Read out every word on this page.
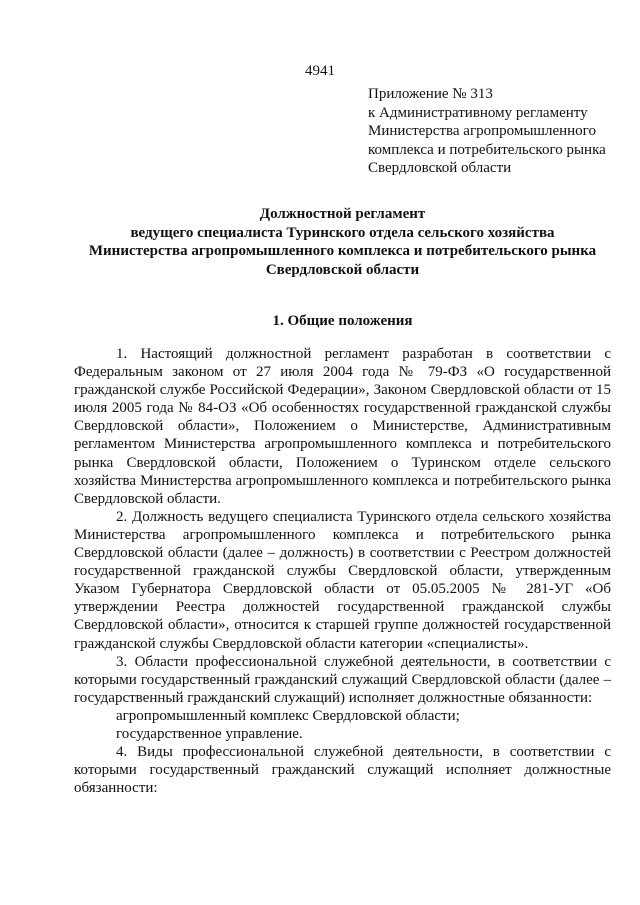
4941
Приложение № 313
к Административному регламенту
Министерства агропромышленного
комплекса и потребительского рынка
Свердловской области
Должностной регламент
ведущего специалиста Туринского отдела сельского хозяйства
Министерства агропромышленного комплекса и потребительского рынка
Свердловской области
1. Общие положения

1. Настоящий должностной регламент разработан в соответствии с Федеральным законом от 27 июля 2004 года № 79-ФЗ «О государственной гражданской службе Российской Федерации», Законом Свердловской области от 15 июля 2005 года № 84-ОЗ «Об особенностях государственной гражданской службы Свердловской области», Положением о Министерстве, Административным регламентом Министерства агропромышленного комплекса и потребительского рынка Свердловской области, Положением о Туринском отделе сельского хозяйства Министерства агропромышленного комплекса и потребительского рынка Свердловской области.

2. Должность ведущего специалиста Туринского отдела сельского хозяйства Министерства агропромышленного комплекса и потребительского рынка Свердловской области (далее – должность) в соответствии с Реестром должностей государственной гражданской службы Свердловской области, утвержденным Указом Губернатора Свердловской области от 05.05.2005 № 281-УГ «Об утверждении Реестра должностей государственной гражданской службы Свердловской области», относится к старшей группе должностей государственной гражданской службы Свердловской области категории «специалисты».

3. Области профессиональной служебной деятельности, в соответствии с которыми государственный гражданский служащий Свердловской области (далее – государственный гражданский служащий) исполняет должностные обязанности:

агропромышленный комплекс Свердловской области;

государственное управление.

4. Виды профессиональной служебной деятельности, в соответствии с которыми государственный гражданский служащий исполняет должностные обязанности:
